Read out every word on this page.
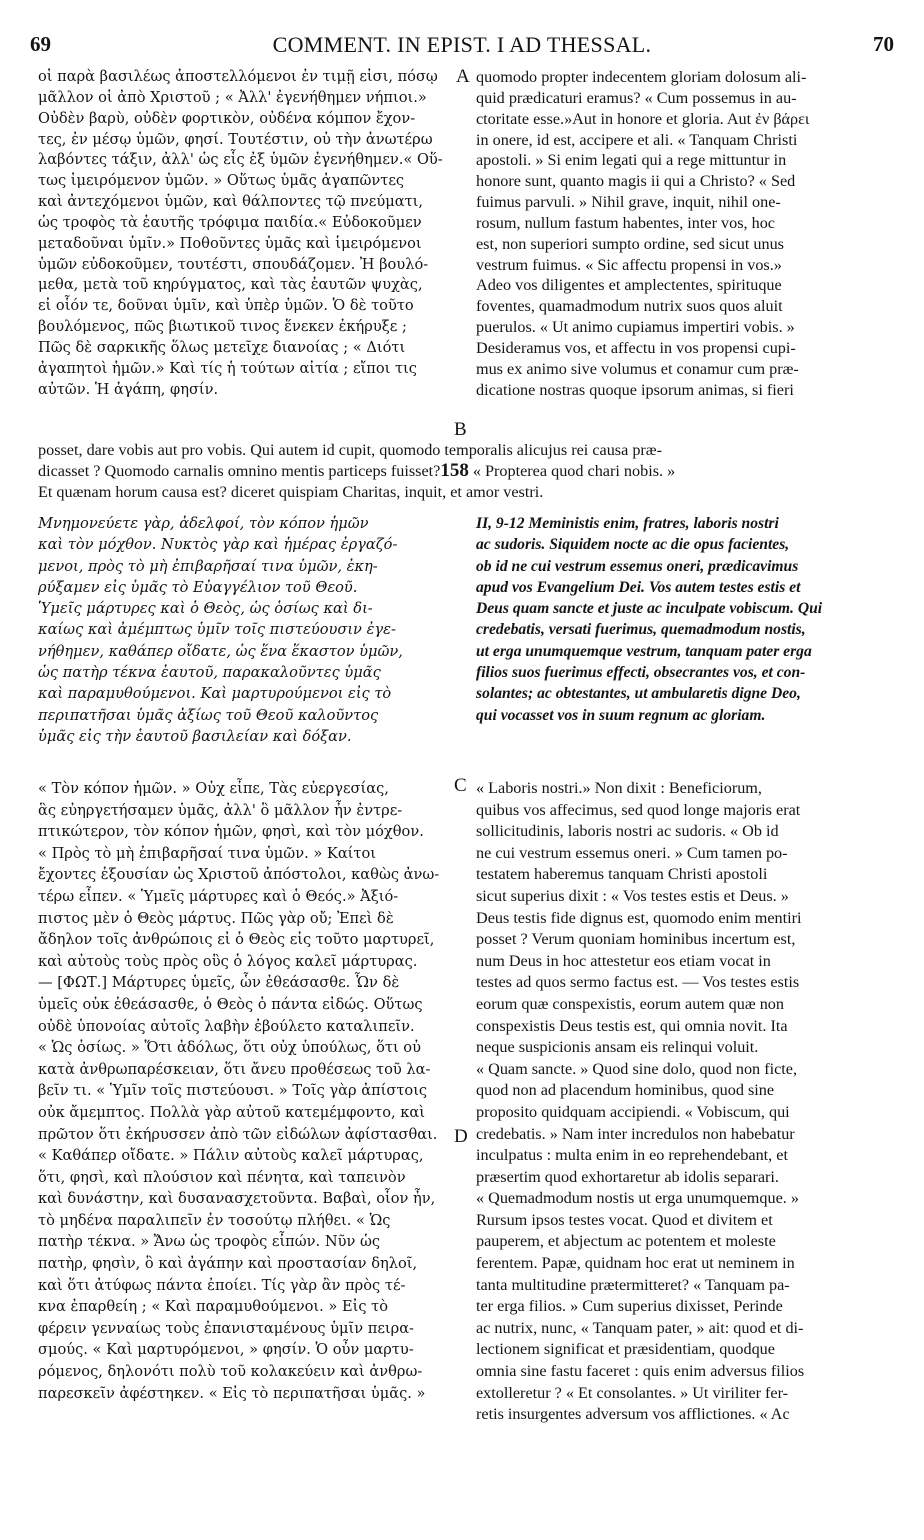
69	COMMENT. IN EPIST. I AD THESSAL.	70
A
B
C
D

οἱ παρὰ βασιλέως ἀποστελλόμενοι ἐν τιμῇ εἰσι, πόσῳ

μᾶλλον οἱ ἀπὸ Χριστοῦ ; « Ἀλλ' ἐγενήθημεν νήπιοι.»

Οὐδὲν βαρὺ, οὐδὲν φορτικὸν, οὐδένα κόμπον ἔχον-

τες, ἐν μέσῳ ὑμῶν, φησί. Τουτέστιν, οὐ τὴν ἀνωτέρω

λαβόντες τάξιν, ἀλλ' ὡς εἷς ἐξ ὑμῶν ἐγενήθημεν.« Οὕ-

τως ἱμειρόμενον ὑμῶν. » Οὕτως ὑμᾶς ἀγαπῶντες

καὶ ἀντεχόμενοι ὑμῶν, καὶ θάλποντες τῷ πνεύματι,

ὡς τροφὸς τὰ ἑαυτῆς τρόφιμα παιδία.« Εὐδοκοῦμεν

μεταδοῦναι ὑμῖν.» Ποθοῦντες ὑμᾶς καὶ ἱμειρόμενοι

ὑμῶν εὐδοκοῦμεν, τουτέστι, σπουδάζομεν. Ἠ βουλό-

μεθα, μετὰ τοῦ κηρύγματος, καὶ τὰς ἑαυτῶν ψυχὰς,

εἰ οἷόν τε, δοῦναι ὑμῖν, καὶ ὑπὲρ ὑμῶν. Ὁ δὲ τοῦτο

βουλόμενος, πῶς βιωτικοῦ τινος ἕνεκεν ἐκήρυξε ;

Πῶς δὲ σαρκικῆς ὅλως μετεῖχε διανοίας ; « Διότι

ἀγαπητοὶ ἡμῶν.» Καὶ τίς ἡ τούτων αἰτία ; εἴποι τις

αὐτῶν. Ἡ ἀγάπη, φησίν.

quomodo propter indecentem gloriam dolosum ali-

quid prædicaturi eramus? « Cum possemus in au-

ctoritate esse.»Aut in honore et gloria. Aut ἐν βάρει

in onere, id est, accipere et ali. « Tanquam Christi

apostoli. » Si enim legati qui a rege mittuntur in

honore sunt, quanto magis ii qui a Christo? « Sed

fuimus parvuli. » Nihil grave, inquit, nihil one-

rosum, nullum fastum habentes, inter vos, hoc

est, non superiori sumpto ordine, sed sicut unus

vestrum fuimus. « Sic affectu propensi in vos.»

Adeo vos diligentes et amplectentes, spirituque

foventes, quamadmodum nutrix suos quos aluit

puerulos. « Ut animo cupiamus impertiri vobis. »

Desideramus vos, et affectu in vos propensi cupi-

mus ex animo sive volumus et conamur cum præ-

dicatione nostras quoque ipsorum animas, si fieri

posset, dare vobis aut pro vobis. Qui autem id cupit, quomodo temporalis alicujus rei causa præ-

dicasset ? Quomodo carnalis omnino mentis particeps fuisset?158 « Propterea quod chari nobis. »

Et quænam horum causa est? diceret quispiam Charitas, inquit, et amor vestri.

Μνημονεύετε γὰρ, ἀδελφοί, τὸν κόπον ἡμῶν

καὶ τὸν μόχθον. Νυκτὸς γὰρ καὶ ἡμέρας ἐργαζό-

μενοι, πρὸς τὸ μὴ ἐπιβαρῆσαί τινα ὑμῶν, ἐκη-

ρύξαμεν εἰς ὑμᾶς τὸ Εὐαγγέλιον τοῦ Θεοῦ.

Ὑμεῖς μάρτυρες καὶ ὁ Θεὸς, ὡς ὁσίως καὶ δι-

καίως καὶ ἀμέμπτως ὑμῖν τοῖς πιστεύουσιν ἐγε-

νήθημεν, καθάπερ οἴδατε, ὡς ἕνα ἕκαστον ὑμῶν,

ὡς πατὴρ τέκνα ἑαυτοῦ, παρακαλοῦντες ὑμᾶς

καὶ παραμυθούμενοι. Καὶ μαρτυρούμενοι εἰς τὸ

περιπατῆσαι ὑμᾶς ἀξίως τοῦ Θεοῦ καλοῦντος

ὑμᾶς εἰς τὴν ἑαυτοῦ βασιλείαν καὶ δόξαν.

II, 9-12 Meministis enim, fratres, laboris nostri

ac sudoris. Siquidem nocte ac die opus facientes,

ob id ne cui vestrum essemus oneri, prædicavimus

apud vos Evangelium Dei. Vos autem testes estis et

Deus quam sancte et juste ac inculpate vobiscum. Qui

credebatis, versati fuerimus, quemadmodum nostis,

ut erga unumquemque vestrum, tanquam pater erga

filios suos fuerimus effecti, obsecrantes vos, et con-

solantes; ac obtestantes, ut ambularetis digne Deo,

qui vocasset vos in suum regnum ac gloriam.

« Τὸν κόπον ἡμῶν. » Οὐχ εἶπε, Τὰς εὐεργεσίας,

ἃς εὐηργετήσαμεν ὑμᾶς, ἀλλ' ὃ μᾶλλον ἦν ἐντρε-

πτικώτερον, τὸν κόπον ἡμῶν, φησὶ, καὶ τὸν μόχθον.

« Πρὸς τὸ μὴ ἐπιβαρῆσαί τινα ὑμῶν. » Καίτοι

ἔχοντες ἐξουσίαν ὡς Χριστοῦ ἀπόστολοι, καθὼς ἀνω-

τέρω εἶπεν. « Ὑμεῖς μάρτυρες καὶ ὁ Θεός.» Ἀξιό-

πιστος μὲν ὁ Θεὸς μάρτυς. Πῶς γὰρ οὔ; Ἐπεὶ δὲ

ἄδηλον τοῖς ἀνθρώποις εἰ ὁ Θεὸς εἰς τοῦτο μαρτυρεῖ,

καὶ αὐτοὺς τοὺς πρὸς οὓς ὁ λόγος καλεῖ μάρτυρας.

— [ΦΩΤ.] Μάρτυρες ὑμεῖς, ὧν ἐθεάσασθε. Ὧν δὲ

ὑμεῖς οὐκ ἐθεάσασθε, ὁ Θεὸς ὁ πάντα εἰδώς. Οὕτως

οὐδὲ ὑπονοίας αὐτοῖς λαβὴν ἐβούλετο καταλιπεῖν.

« Ὡς ὁσίως. » Ὅτι ἀδόλως, ὅτι οὐχ ὑπούλως, ὅτι οὐ

κατὰ ἀνθρωπαρέσκειαν, ὅτι ἄνευ προθέσεως τοῦ λα-

βεῖν τι. « Ὑμῖν τοῖς πιστεύουσι. » Τοῖς γὰρ ἀπίστοις

οὐκ ἄμεμπτος. Πολλὰ γὰρ αὐτοῦ κατεμέμφοντο, καὶ

πρῶτον ὅτι ἐκήρυσσεν ἀπὸ τῶν εἰδώλων ἀφίστασθαι.

« Καθάπερ οἴδατε. » Πάλιν αὐτοὺς καλεῖ μάρτυρας,

ὅτι, φησὶ, καὶ πλούσιον καὶ πένητα, καὶ ταπεινὸν

καὶ δυνάστην, καὶ δυσανασχετοῦντα. Βαβαὶ, οἷον ἦν,

τὸ μηδένα παραλιπεῖν ἐν τοσούτῳ πλήθει. « Ὡς

πατὴρ τέκνα. » Ἄνω ὡς τροφὸς εἶπών. Νῦν ὡς

πατὴρ, φησὶν, ὃ καὶ ἀγάπην καὶ προστασίαν δηλοῖ,

καὶ ὅτι ἀτύφως πάντα ἐποίει. Τίς γὰρ ἂν πρὸς τέ-

κνα ἐπαρθείη ; « Καὶ παραμυθούμενοι. » Εἰς τὸ

φέρειν γενναίως τοὺς ἐπανισταμένους ὑμῖν πειρα-

σμούς. « Καὶ μαρτυρόμενοι, » φησίν. Ὁ οὖν μαρτυ-

ρόμενος, δηλονότι πολὺ τοῦ κολακεύειν καὶ ἀνθρω-

παρεσκεῖν ἀφέστηκεν. « Εἰς τὸ περιπατῆσαι ὑμᾶς. »

« Laboris nostri.» Non dixit : Beneficiorum,

quibus vos affecimus, sed quod longe majoris erat

sollicitudinis, laboris nostri ac sudoris. « Ob id

ne cui vestrum essemus oneri. » Cum tamen po-

testatem haberemus tanquam Christi apostoli

sicut superius dixit : « Vos testes estis et Deus. »

Deus testis fide dignus est, quomodo enim mentiri

posset ? Verum quoniam hominibus incertum est,

num Deus in hoc attestetur eos etiam vocat in

testes ad quos sermo factus est. — Vos testes estis

eorum quæ conspexistis, eorum autem quæ non

conspexistis Deus testis est, qui omnia novit. Ita

neque suspicionis ansam eis relinqui voluit.

« Quam sancte. » Quod sine dolo, quod non ficte,

quod non ad placendum hominibus, quod sine

proposito quidquam accipiendi. « Vobiscum, qui

credebatis. » Nam inter incredulos non habebatur

inculpatus : multa enim in eo reprehendebant, et

præsertim quod exhortaretur ab idolis separari.

« Quemadmodum nostis ut erga unumquemque. »

Rursum ipsos testes vocat. Quod et divitem et

pauperem, et abjectum ac potentem et moleste

ferentem. Papæ, quidnam hoc erat ut neminem in

tanta multitudine prætermitteret? « Tanquam pa-

ter erga filios. » Cum superius dixisset, Perinde

ac nutrix, nunc, « Tanquam pater, » ait: quod et di-

lectionem significat et præsidentiam, quodque

omnia sine fastu faceret : quis enim adversus filios

extolleretur ? « Et consolantes. » Ut viriliter fer-

retis insurgentes adversum vos afflictiones. « Ac
